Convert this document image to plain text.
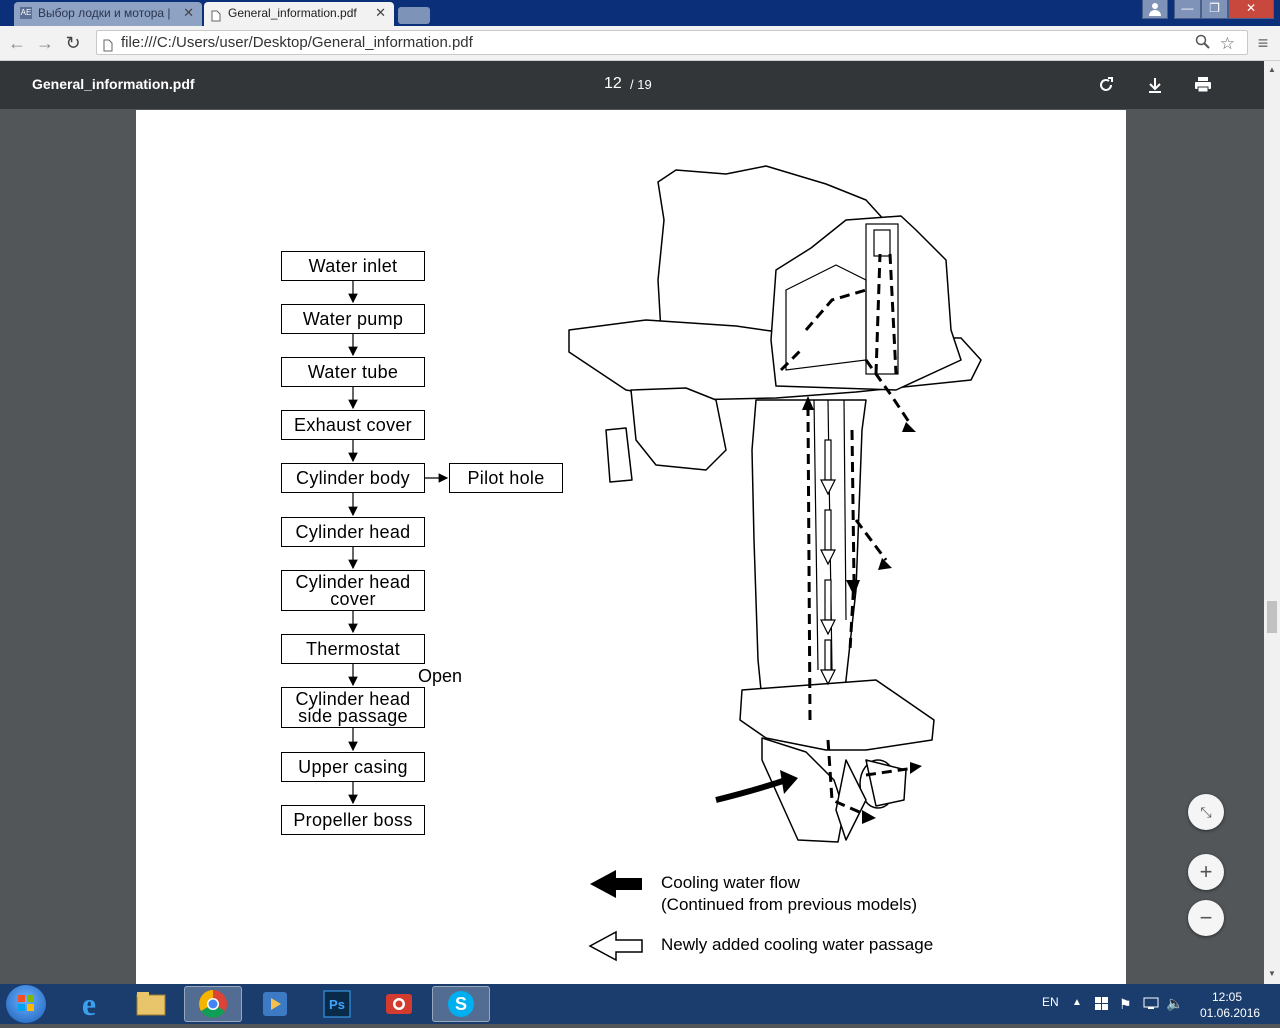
AE Выбор лодки и мотора | ✕	General_information.pdf ✕	—	❐	✕
← → ↻	file:///C:/Users/user/Desktop/General_information.pdf	☆	≡
General_information.pdf	12 / 19
Water inlet
Water pump
Water tube
Exhaust cover
Cylinder body
Cylinder head
Cylinder head
cover
Thermostat
Cylinder head
side passage
Upper casing
Propeller boss
Pilot hole
Open
Cooling water flow
(Continued from previous models)
Newly added cooling water passage
▲
▼
⤡
+
−
e	Ps	S	EN ▲	⚑ 🔈 12:05
01.06.2016
